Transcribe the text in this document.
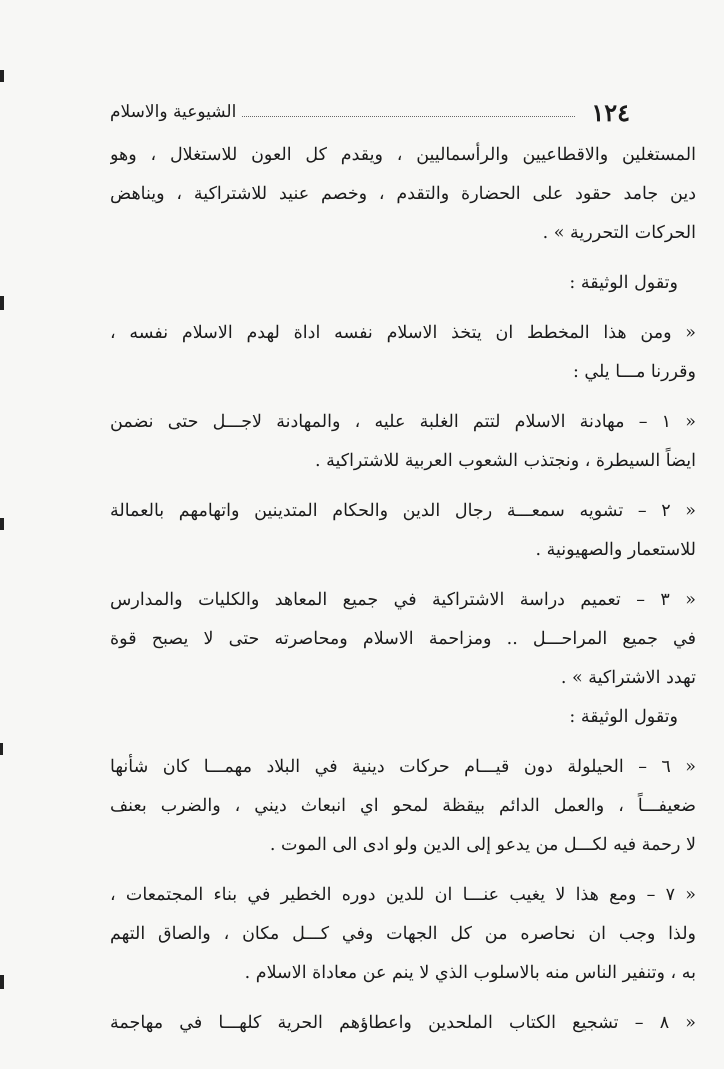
١٢٤
الشيوعية والاسلام
المستغلين والاقطاعيين والرأسماليين ، ويقدم كل العون للاستغلال ، وهو
دين جامد حقود على الحضارة والتقدم ، وخصم عنيد للاشتراكية ، ويناهض
الحركات التحررية » .
وتقول الوثيقة :
« ومن هذا المخطط ان يتخذ الاسلام نفسه اداة لهدم الاسلام نفسه ،
وقررنا مـــا يلي :
« ١ – مهادنة الاسلام لتتم الغلبة عليه ، والمهادنة لاجـــل حتى نضمن
ايضاً السيطرة ، ونجتذب الشعوب العربية للاشتراكية .
« ٢ – تشويه سمعـــة رجال الدين والحكام المتدينين واتهامهم بالعمالة
للاستعمار والصهيونية .
« ٣ – تعميم دراسة الاشتراكية في جميع المعاهد والكليات والمدارس
في جميع المراحـــل .. ومزاحمة الاسلام ومحاصرته حتى لا يصبح قوة
تهدد الاشتراكية » .
وتقول الوثيقة :
« ٦ – الحيلولة دون قيـــام حركات دينية في البلاد مهمـــا كان شأنها
ضعيفـــاً ، والعمل الدائم بيقظة لمحو اي انبعاث ديني ، والضرب بعنف
لا رحمة فيه لكـــل من يدعو إلى الدين ولو ادى الى الموت .
« ٧ – ومع هذا لا يغيب عنـــا ان للدين دوره الخطير في بناء المجتمعات ،
ولذا وجب ان نحاصره من كل الجهات وفي كـــل مكان ، والصاق التهم
به ، وتنفير الناس منه بالاسلوب الذي لا ينم عن معاداة الاسلام .
« ٨ – تشجيع الكتاب الملحدين واعطاؤهم الحرية كلهـــا في مهاجمة
